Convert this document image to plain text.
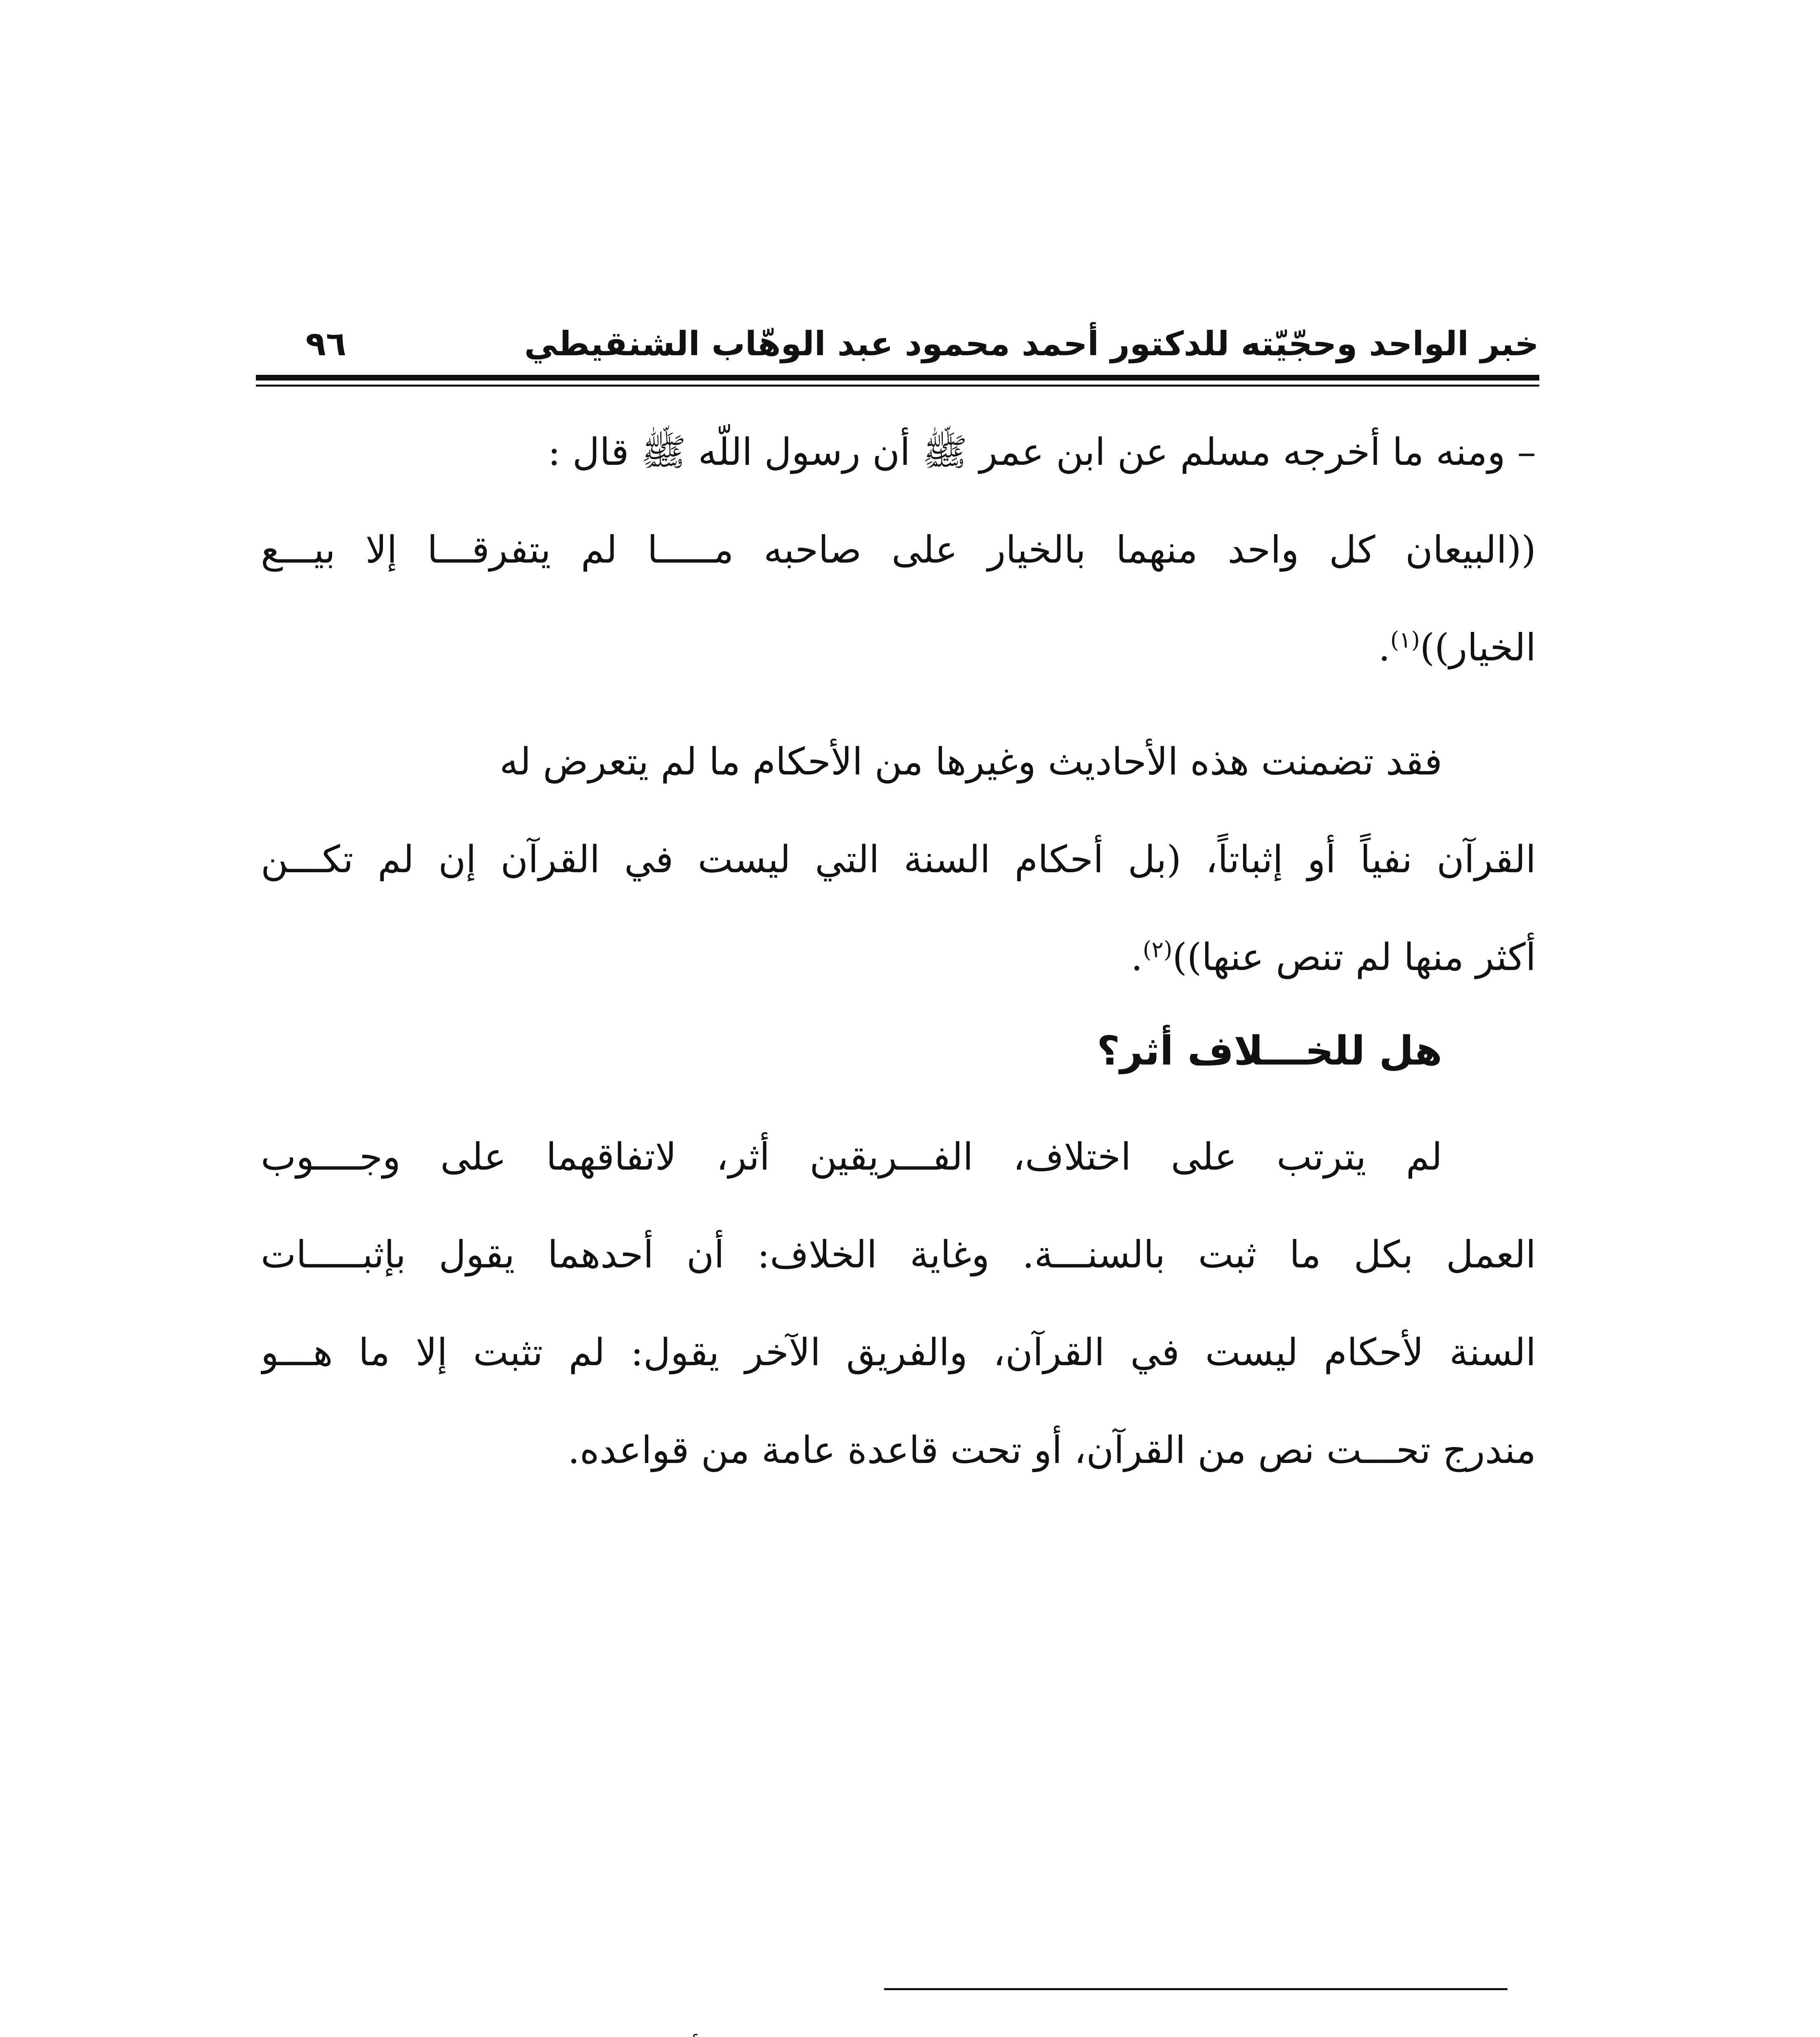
خبر الواحد وحجّيّته للدكتور أحمد محمود عبد الوهّاب الشنقيطي
٩٦
– ومنه ما أخرجه مسلم عن ابن عمر ﷺ أن رسول اللّه ﷺ قال :
((البيعان كل واحد منهما بالخيار على صاحبه مـــــا لم يتفرقـــا إلا بيـــع
الخيار))$^{(١)}$.
فقد تضمنت هذه الأحاديث وغيرها من الأحكام ما لم يتعرض له
القرآن نفياً أو إثباتاً، (بل أحكام السنة التي ليست في القرآن إن لم تكـــن
أكثر منها لم تنص عنها))$^{(٢)}$.
هل للخـــلاف أثر؟
لم يترتب على اختلاف، الفـــريقين أثر، لاتفاقهما على وجــــوب
العمل بكل ما ثبت بالسنـــة. وغاية الخلاف: أن أحدهما يقول بإثبـــــات
السنة لأحكام ليست في القرآن، والفريق الآخر يقول: لم تثبت إلا ما هـــو
مندرج تحـــت نص من القرآن، أو تحت قاعدة عامة من قواعده.
